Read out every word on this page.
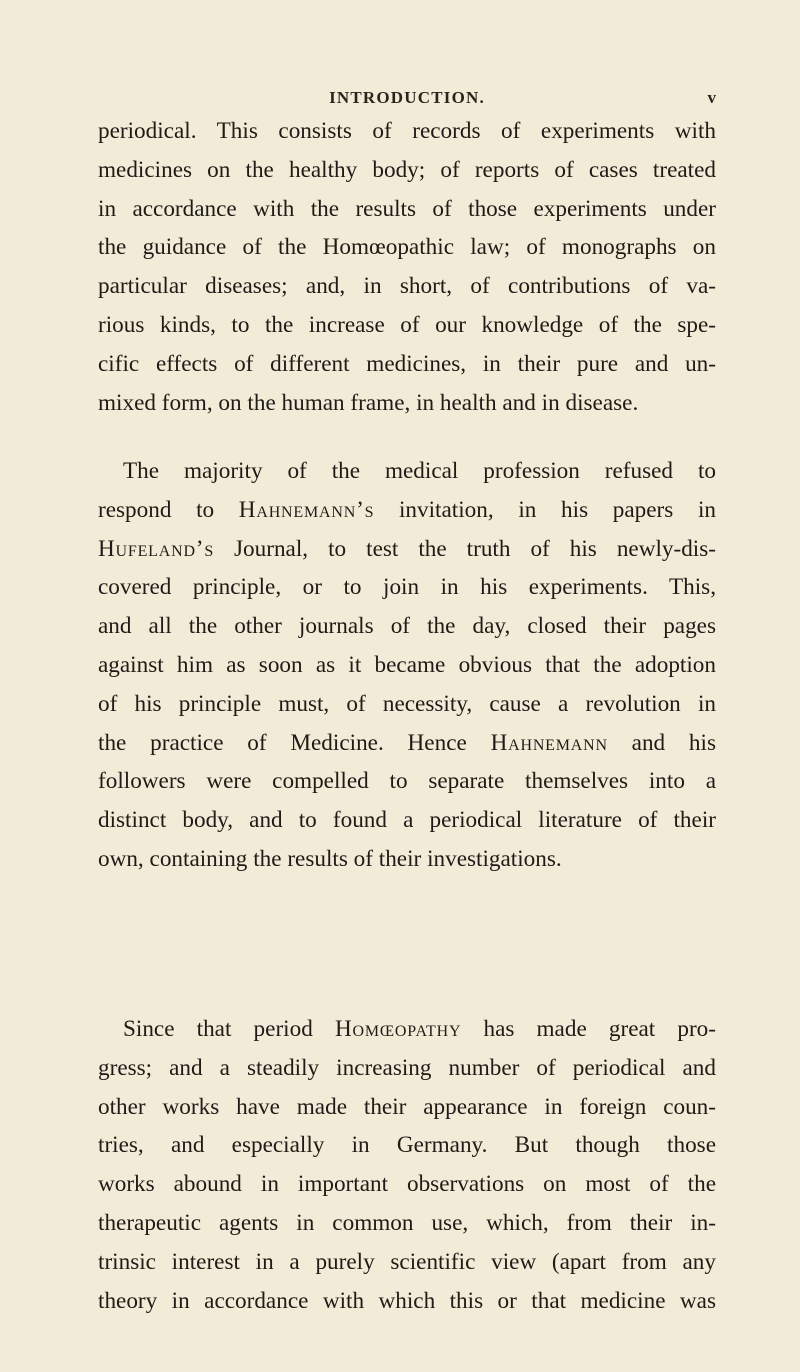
INTRODUCTION.	v
periodical. This consists of records of experiments with
medicines on the healthy body; of reports of cases treated
in accordance with the results of those experiments under
the guidance of the Homœopathic law; of monographs on
particular diseases; and, in short, of contributions of va-
rious kinds, to the increase of our knowledge of the spe-
cific effects of different medicines, in their pure and un-
mixed form, on the human frame, in health and in disease.
The majority of the medical profession refused to
respond to Hahnemann’s invitation, in his papers in
Hufeland’s Journal, to test the truth of his newly-dis-
covered principle, or to join in his experiments. This,
and all the other journals of the day, closed their pages
against him as soon as it became obvious that the adoption
of his principle must, of necessity, cause a revolution in
the practice of Medicine. Hence Hahnemann and his
followers were compelled to separate themselves into a
distinct body, and to found a periodical literature of their
own, containing the results of their investigations.
Since that period Homœopathy has made great pro-
gress; and a steadily increasing number of periodical and
other works have made their appearance in foreign coun-
tries, and especially in Germany. But though those
works abound in important observations on most of the
therapeutic agents in common use, which, from their in-
trinsic interest in a purely scientific view (apart from any
theory in accordance with which this or that medicine was
